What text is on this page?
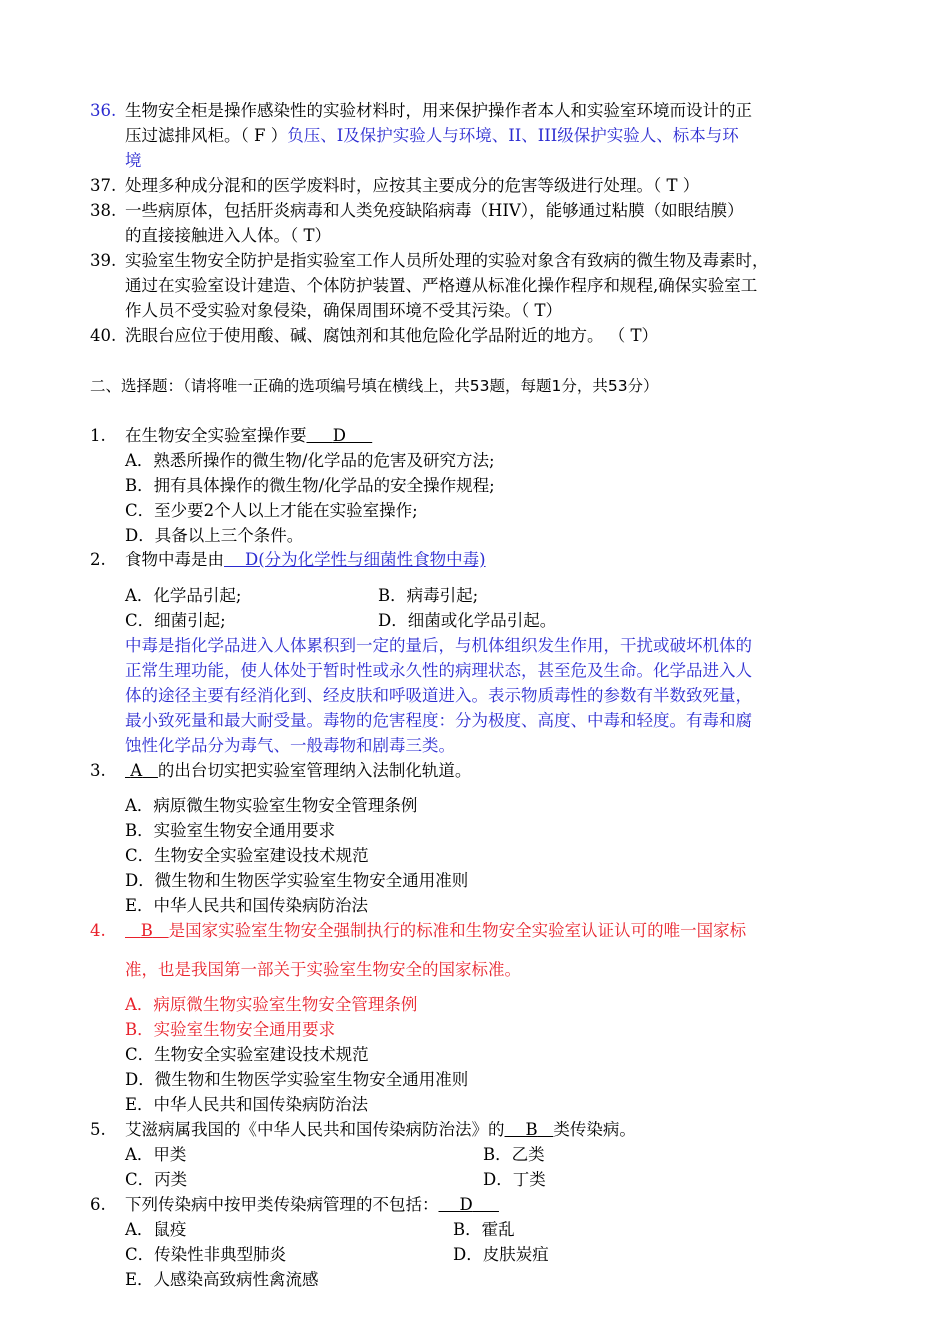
36. 生物安全柜是操作感染性的实验材料时，用来保护操作者本人和实验室环境而设计的正
压过滤排风柜。（ F ）负压、I及保护实验人与环境、II、III级保护实验人、标本与环
境
37. 处理多种成分混和的医学废料时，应按其主要成分的危害等级进行处理。（ T ）
38. 一些病原体，包括肝炎病毒和人类免疫缺陷病毒（HIV），能够通过粘膜（如眼结膜）
的直接接触进入人体。（ T）
39. 实验室生物安全防护是指实验室工作人员所处理的实验对象含有致病的微生物及毒素时，
通过在实验室设计建造、个体防护装置、严格遵从标准化操作程序和规程,确保实验室工
作人员不受实验对象侵染，确保周围环境不受其污染。（ T）
40. 洗眼台应位于使用酸、碱、腐蚀剂和其他危险化学品附近的地方。 （ T）
二、选择题：（请将唯一正确的选项编号填在横线上，共53题，每题1分，共53分）
1. 在生物安全实验室操作要 D
A．熟悉所操作的微生物/化学品的危害及研究方法;
B．拥有具体操作的微生物/化学品的安全操作规程;
C．至少要2个人以上才能在实验室操作;
D．具备以上三个条件。
2. 食物中毒是由 D(分为化学性与细菌性食物中毒)
A．化学品引起;	B．病毒引起;
C．细菌引起;	D．细菌或化学品引起。
中毒是指化学品进入人体累积到一定的量后，与机体组织发生作用，干扰或破坏机体的
正常生理功能，使人体处于暂时性或永久性的病理状态，甚至危及生命。化学品进入人
体的途径主要有经消化到、经皮肤和呼吸道进入。表示物质毒性的参数有半数致死量，
最小致死量和最大耐受量。毒物的危害程度：分为极度、高度、中毒和轻度。有毒和腐
蚀性化学品分为毒气、一般毒物和剧毒三类。
3.	A 的出台切实把实验室管理纳入法制化轨道。
A．病原微生物实验室生物安全管理条例
B．实验室生物安全通用要求
C．生物安全实验室建设技术规范
D．微生物和生物医学实验室生物安全通用准则
E．中华人民共和国传染病防治法
4.	B 是国家实验室生物安全强制执行的标准和生物安全实验室认证认可的唯一国家标
准，也是我国第一部关于实验室生物安全的国家标准。
A．病原微生物实验室生物安全管理条例
B．实验室生物安全通用要求
C．生物安全实验室建设技术规范
D．微生物和生物医学实验室生物安全通用准则
E．中华人民共和国传染病防治法
5. 艾滋病属我国的《中华人民共和国传染病防治法》的 B 类传染病。
A．甲类	B．乙类
C．丙类	D．丁类
6. 下列传染病中按甲类传染病管理的不包括： D
A．鼠疫	B．霍乱
C．传染性非典型肺炎	D．皮肤炭疽
E．人感染高致病性禽流感
